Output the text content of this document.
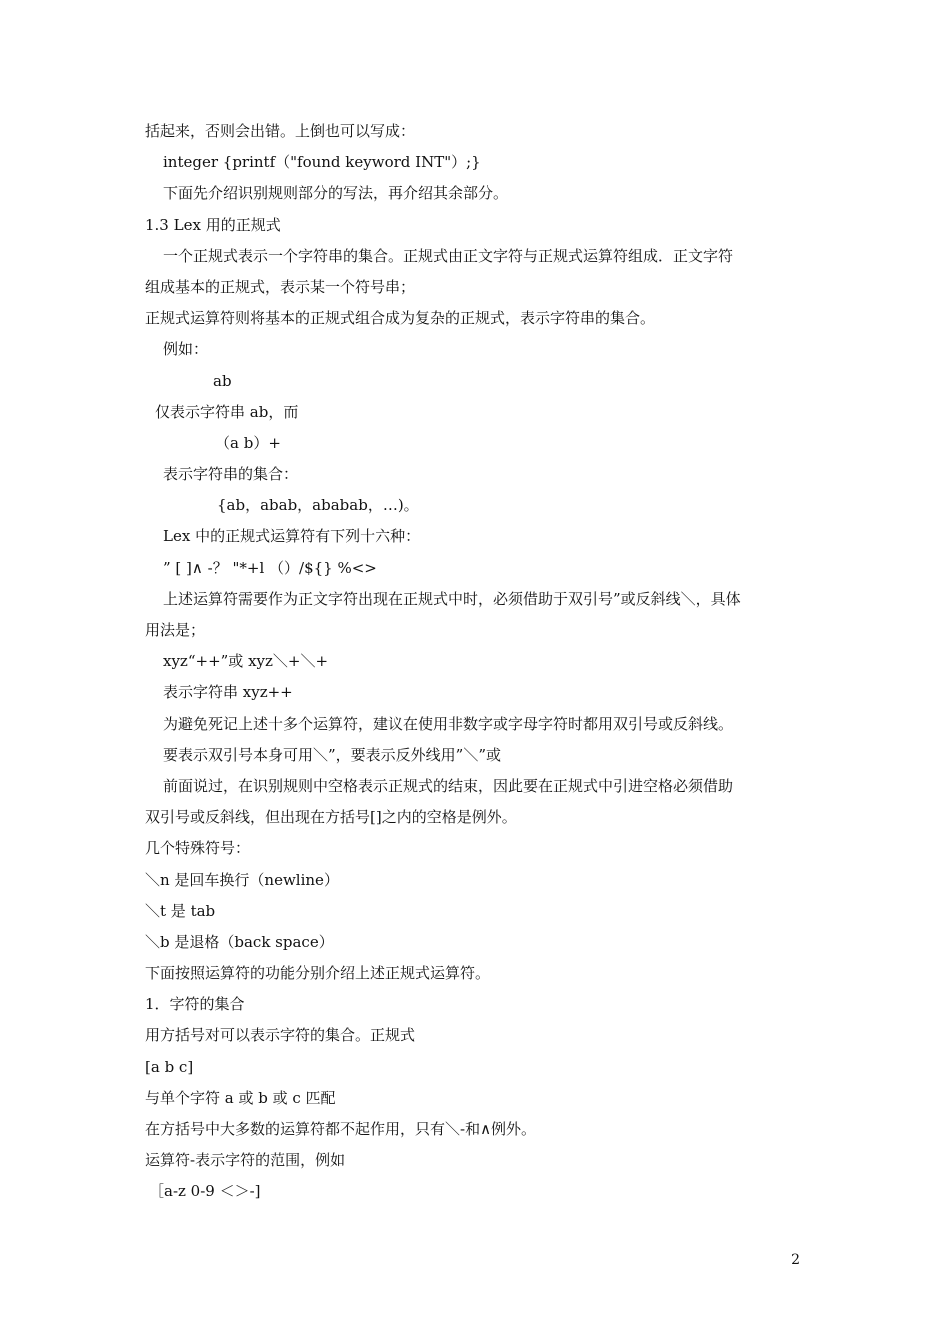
括起来，否则会出错。上倒也可以写成：
integer {printf（"found keyword INT"）;}
下面先介绍识别规则部分的写法，再介绍其余部分。
1.3 Lex 用的正规式
一个正规式表示一个字符串的集合。正规式由正文字符与正规式运算符组成．正文字符
组成基本的正规式，表示某一个符号串；
正规式运算符则将基本的正规式组合成为复杂的正规式，表示字符串的集合。
例如：
ab
仅表示字符串 ab，而
（a b）+
表示字符串的集合：
{ab，abab，ababab，…)。
Lex 中的正规式运算符有下列十六种：
” [ ]∧ -？ "*+l （）/${} %<>
上述运算符需要作为正文字符出现在正规式中时，必须借助于双引号”或反斜线＼，具体
用法是；
xyz“++”或 xyz＼+＼+
表示字符串 xyz++
为避免死记上述十多个运算符，建议在使用非数字或字母字符时都用双引号或反斜线。
要表示双引号本身可用＼”，要表示反外线用”＼”或
前面说过，在识别规则中空格表示正规式的结束，因此要在正规式中引进空格必须借助
双引号或反斜线，但出现在方括号[]之内的空格是例外。
几个特殊符号：
＼n 是回车换行（newline）
＼t 是 tab
＼b 是退格（back space）
下面按照运算符的功能分别介绍上述正规式运算符。
1．字符的集合
用方括号对可以表示字符的集合。正规式
[a b c]
与单个字符 a 或 b 或 c 匹配
在方括号中大多数的运算符都不起作用，只有＼-和∧例外。
运算符-表示字符的范围，例如
［a-z 0-9 ＜＞-]
2
